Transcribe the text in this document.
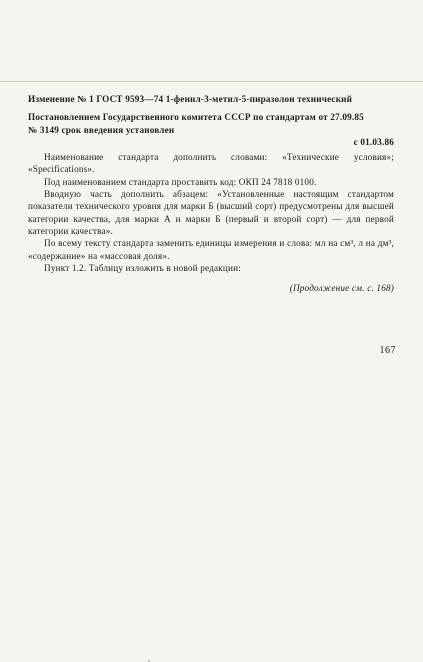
Изменение № 1 ГОСТ 9593—74 1-фенил-3-метил-5-пиразолон технический

Постановлением Государственного комитета СССР по стандартам от 27.09.85

№ 3149 срок введения установлен

с 01.03.86

Наименование стандарта дополнить словами: «Технические условия»; «Specifications».

Под наименованием стандарта проставить код: ОКП 24 7818 0100.

Вводную часть дополнить абзацем: «Установленные настоящим стандартом показатели технического уровня для марки Б (высший сорт) предусмотрены для высшей категории качества, для марки А и марки Б (первый и второй сорт) — для первой категории качества».

По всему тексту стандарта заменить единицы измерения и слова: мл на см³, л на дм³, «содержание» на «массовая доля».

Пункт 1.2. Таблицу изложить в новой редакции:

(Продолжение см. с. 168)

167
